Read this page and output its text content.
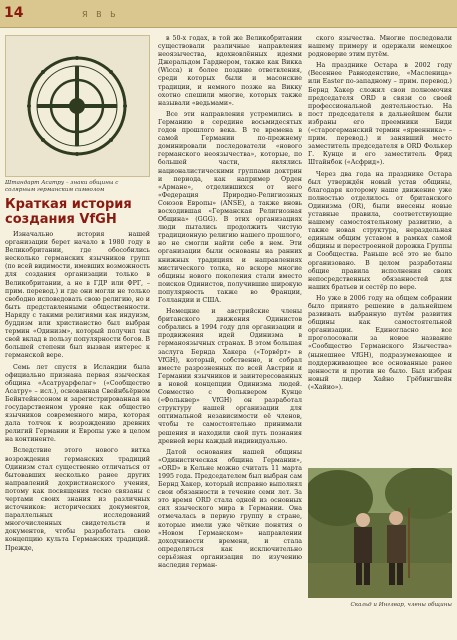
14	Я В Ь
Штандарт Асатру – знаки общины с солярным германским символом
Краткая история создания VfGH

Изначально история нашей организации берет начало в 1980 году в Великобритании, где обособились несколько германских язычников групп (по всей видимости, имевших возможность для создания организации только в Великобритании, а не в ГДР или ФРГ, – прим. перевод.) и где они могли не только свободно исповедовать свою религию, но и быть представленными общественности. Наряду с такими религиями как индуизм, буддизм или христианство был выбран термин «Одинизм», который получил так свой вклад в пользу популярности богов. В большей степени был вызван интерес к германской вере.

Семь лет спустя в Исландии была официально признана первая языческая община «Асатруарфелаг» («Сообщество Асатру» – исл.), основанная Свейнбьёрном Бейнтейнссоном и зарегистрированная на государственном уровне как общество язычников современного мира, которая дала толчок к возрождению древних религий Германии и Европы уже в целом на континенте.

Вследствие этого нового витка возрождения германских традиций Одинизм стал существенно отличаться от бытовавших несколько ранее других направлений дохристианского учения, потому как посвящения тесно связаны с чертами своих знания из различных источников: исторических документов, параллельных исследований многочисленных свидетельств и документов, чтобы разработать свою концепцию культа Германских традиций. Прежде,

в 50-х годах, в той же Великобритании существовали различные направления неоязычества, вдохновлённых идеями Джеральдом Гарднером, также как Викка (Wicca) и более поздние ответвления, среди которых были и масонские традиции, и немного позже на Викку охотно спешили многие, которых также называли «ведьмами».

Все эти направления устремились в Германию в середине восьмидесятых годов прошлого века. В те времена в самой Германии по-прежнему доминировали последователи «нового германского неоязычества», которые, по большей части, являлись националистическими группами доктрин и периода, как например Орден «Армане», отделившихся от него «Федерация Природно-Религиозных Союзов Европы» (ANSE), а также вновь восходившая «Германская Религиозная Община» (GGG). В этих организациях люди пытались продолжить чистую традиционную религию нашего прошлого, но не смогли найти себе в нем. Эти организации были основаны на ранних книжных традициях и направлениях мистического толка, но вскоре многие общины нового поколения стали вместо поисков Одинистов, получившие широкую популярность также во Франции, Голландии и США.

Немецкие и австрийские члены британского движения Одинистов собрались в 1994 году для организации и продвижения идей Одинизма в германоязычных странах. В этом большая заслуга Бернда Хакера («Торвёрт» в VfGH), который, собственно, и собрал вместе разрозненных по всей Австрии и Германии язычников и заинтересованных в новой концепции Одинизма людей. Совместно с Фольквером Кунце («Фольквер» VfGH) он разработал структуру нашей организации для оптимальной независимости её членов, чтобы те самостоятельно принимали решения и находили свой путь познания древней веры каждый индивидуально.

Датой основания нашей общины «Одинистическая община Германии», «ORD» в Кельне можно считать 11 марта 1995 года. Председателем был выбран сам Бернд Хакер, который исправно выполнял свои обязанности в течение семи лет. За это время ORD стала одной из основных сил языческого мира в Германии. Она отмечалась в первую группу в стране, которые имели уже чёткие понятия о «Новом Германском» направлении доходчивости времени, и стала определяться как исключительно серьёзная организация по изучению наследия герман-

ского язычества. Многие последовали нашему примеру и одержали немецкое родноверие этим путём.

На празднике Остара в 2002 году (Весеннее Равноденствие, «Масленица» или Easter по-западному – прим. перевод.) Бернд Хакер сложил свои полномочия председателя ORD в связи со своей профессиональной деятельностью. На пост председателя в дальнейшем были избраны его преемники Биди («старогерманский термин «ярвенника» – прим. перевод.) и занявший место заместитель председателя в ORD Фолькер Г. Кунце и его заместитель Фрид Штайнбок («Асфрид»).

Через два года на празднике Остара был утверждён новый устав общины, благодаря которому наше движение уже полностью отделилось от британского Одинизма (OR), были внесены новые уставные правила, соответствующие нашему самостоятельному развитию, а также новая структура, нераздельная единым общим уставом в рамках самой общины и перестроенной дорожка Группы и Сообщества. Раньше всё это не было организовано. В целом разработаны общие правила исполнения своих непосредственных обязанностей для наших братьев и сестёр по вере.

Но уже в 2006 году на общем собрании было принято решение в дальнейшем развивать выбранную путём развития общины как самостоятельной организации. Единогласно все проголосовали за новое название «Сообщество Германского Язычества» (нынешнее VfGH), подразумевающее и поддерживающее все основанные ранее ценности и против не было. Был избран новый лидер Хайно Грёбингшейн («Хайио»).

Скальд и Инглвар, члены общины
